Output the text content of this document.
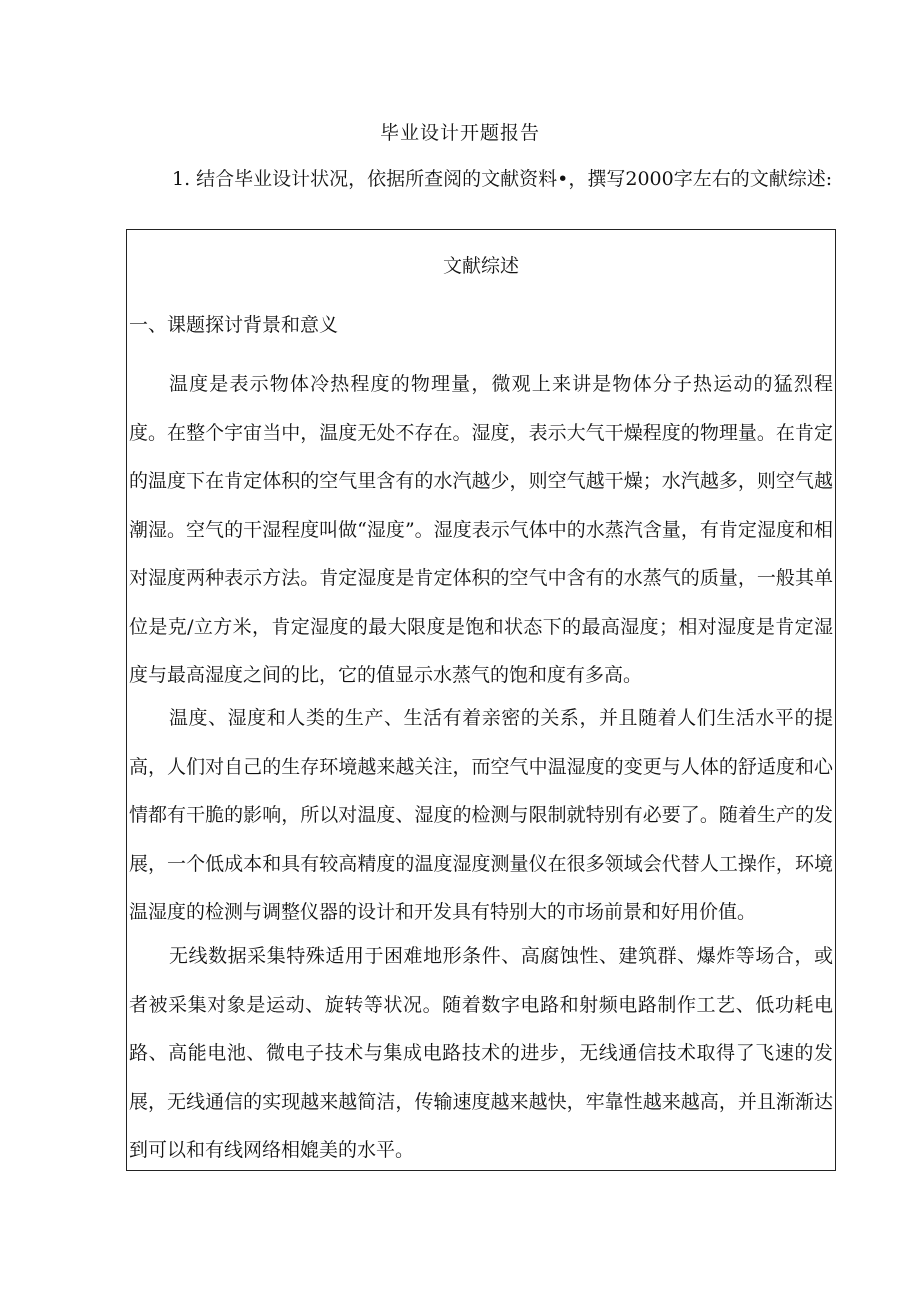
毕业设计开题报告
1. 结合毕业设计状况，依据所查阅的文献资料•，撰写2000字左右的文献综述:
文献综述
一、课题探讨背景和意义

温度是表示物体冷热程度的物理量，微观上来讲是物体分子热运动的猛烈程度。在整个宇宙当中，温度无处不存在。湿度，表示大气干燥程度的物理量。在肯定的温度下在肯定体积的空气里含有的水汽越少，则空气越干燥；水汽越多，则空气越潮湿。空气的干湿程度叫做“湿度”。湿度表示气体中的水蒸汽含量，有肯定湿度和相对湿度两种表示方法。肯定湿度是肯定体积的空气中含有的水蒸气的质量，一般其单位是克/立方米，肯定湿度的最大限度是饱和状态下的最高湿度；相对湿度是肯定湿度与最高湿度之间的比，它的值显示水蒸气的饱和度有多高。

温度、湿度和人类的生产、生活有着亲密的关系，并且随着人们生活水平的提高，人们对自己的生存环境越来越关注，而空气中温湿度的变更与人体的舒适度和心情都有干脆的影响，所以对温度、湿度的检测与限制就特别有必要了。随着生产的发展，一个低成本和具有较高精度的温度湿度测量仪在很多领域会代替人工操作，环境温湿度的检测与调整仪器的设计和开发具有特别大的市场前景和好用价值。

无线数据采集特殊适用于困难地形条件、高腐蚀性、建筑群、爆炸等场合，或者被采集对象是运动、旋转等状况。随着数字电路和射频电路制作工艺、低功耗电路、高能电池、微电子技术与集成电路技术的进步，无线通信技术取得了飞速的发展，无线通信的实现越来越简洁，传输速度越来越快，牢靠性越来越高，并且渐渐达到可以和有线网络相媲美的水平。
